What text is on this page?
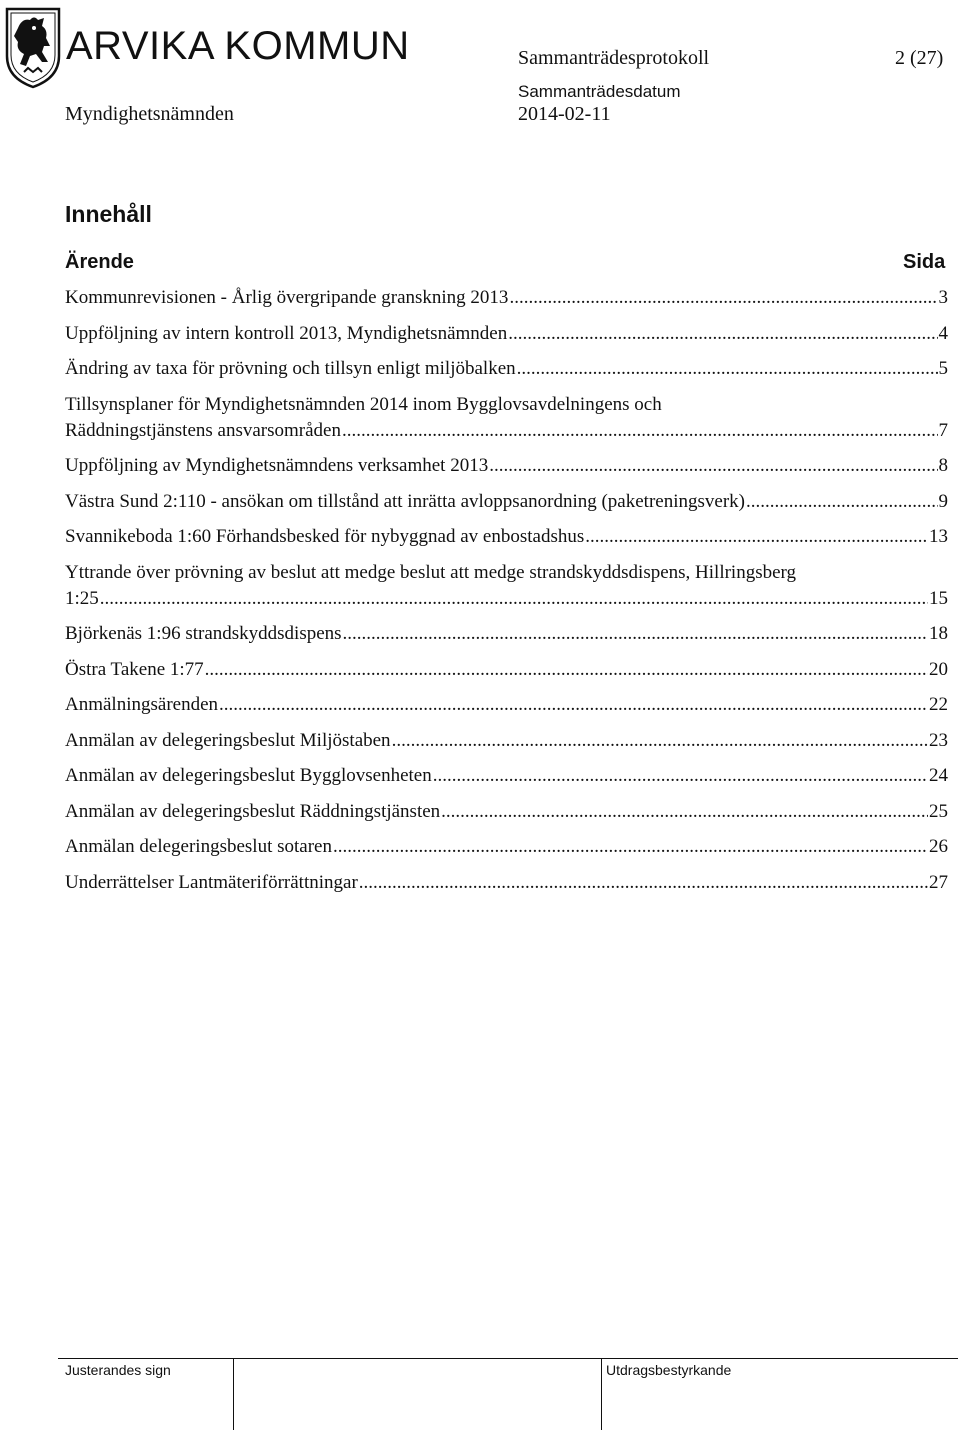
ARVIKA KOMMUN	Sammanträdesprotokoll	2 (27)
Myndighetsnämnden
Sammanträdesdatum
2014-02-11
Innehåll
Ärende	Sida
Kommunrevisionen - Årlig övergripande granskning 2013 .....	3
Uppföljning av intern kontroll 2013, Myndighetsnämnden .....	4
Ändring av taxa för prövning och tillsyn enligt miljöbalken .....	5
Tillsynsplaner för Myndighetsnämnden 2014 inom Bygglovsavdelningens och
Räddningstjänstens ansvarsområden .....	7
Uppföljning av Myndighetsnämndens verksamhet 2013 .....	8
Västra Sund 2:110 - ansökan om tillstånd att inrätta avloppsanordning (paketreningsverk) .....	9
Svannikeboda 1:60 Förhandsbesked för nybyggnad av enbostadshus .....	13
Yttrande över prövning av beslut att medge beslut att medge strandskyddsdispens, Hillringsberg
1:25 .....	15
Björkenäs 1:96 strandskyddsdispens .....	18
Östra Takene 1:77 .....	20
Anmälningsärenden .....	22
Anmälan av delegeringsbeslut Miljöstaben .....	23
Anmälan av delegeringsbeslut Bygglovsenheten .....	24
Anmälan av delegeringsbeslut Räddningstjänsten .....	25
Anmälan delegeringsbeslut sotaren .....	26
Underrättelser Lantmäteriförrättningar .....	27
Justerandes sign	Utdragsbestyrkande
